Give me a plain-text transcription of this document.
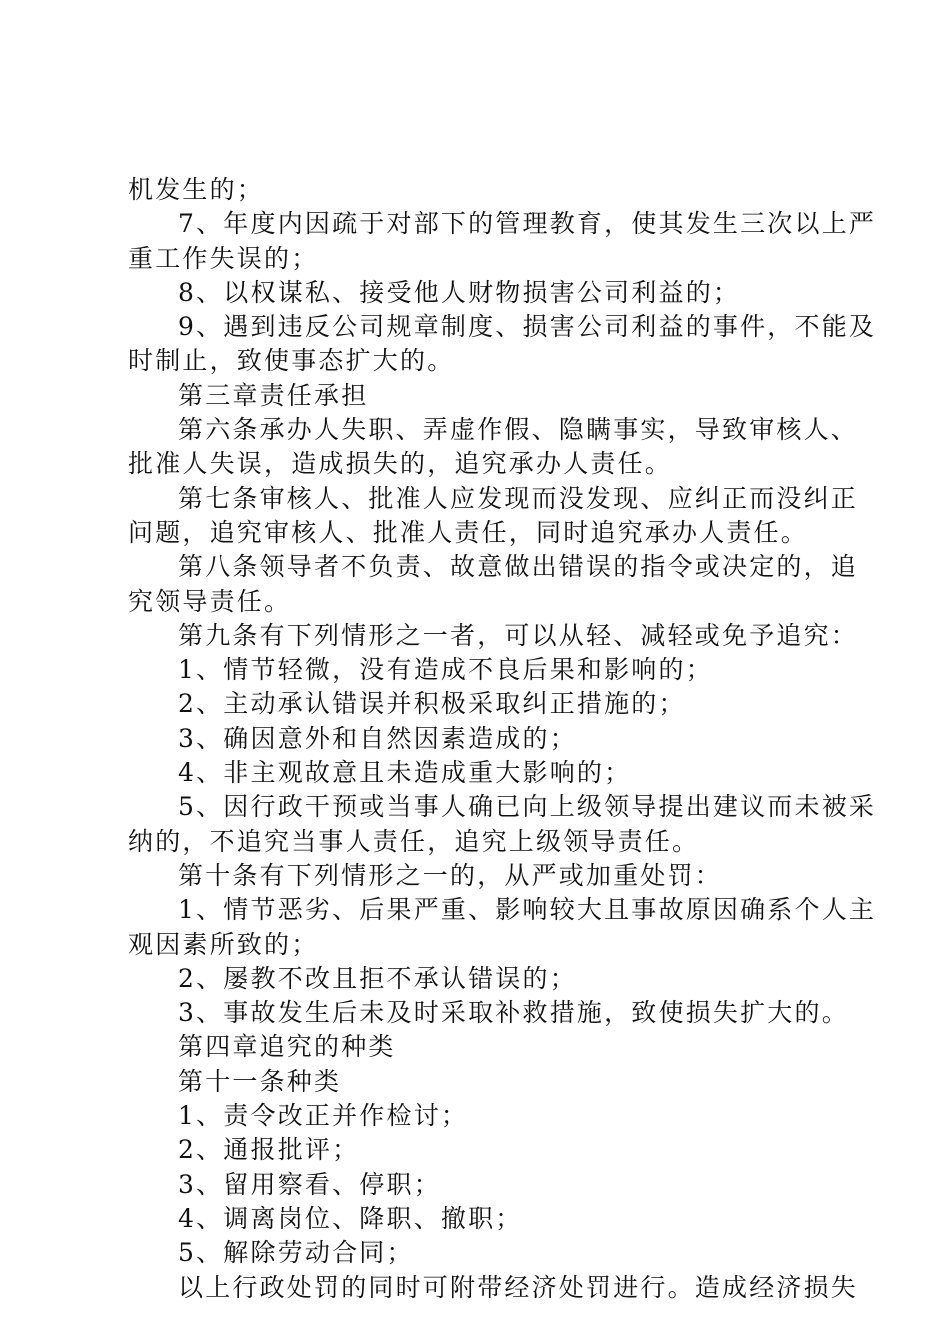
机发生的；
7、年度内因疏于对部下的管理教育，使其发生三次以上严
重工作失误的；
8、以权谋私、接受他人财物损害公司利益的；
9、遇到违反公司规章制度、损害公司利益的事件，不能及
时制止，致使事态扩大的。
第三章责任承担
第六条承办人失职、弄虚作假、隐瞒事实，导致审核人、
批准人失误，造成损失的，追究承办人责任。
第七条审核人、批准人应发现而没发现、应纠正而没纠正
问题，追究审核人、批准人责任，同时追究承办人责任。
第八条领导者不负责、故意做出错误的指令或决定的，追
究领导责任。
第九条有下列情形之一者，可以从轻、减轻或免予追究：
1、情节轻微，没有造成不良后果和影响的；
2、主动承认错误并积极采取纠正措施的；
3、确因意外和自然因素造成的；
4、非主观故意且未造成重大影响的；
5、因行政干预或当事人确已向上级领导提出建议而未被采
纳的，不追究当事人责任，追究上级领导责任。
第十条有下列情形之一的，从严或加重处罚：
1、情节恶劣、后果严重、影响较大且事故原因确系个人主
观因素所致的；
2、屡教不改且拒不承认错误的；
3、事故发生后未及时采取补救措施，致使损失扩大的。
第四章追究的种类
第十一条种类
1、责令改正并作检讨；
2、通报批评；
3、留用察看、停职；
4、调离岗位、降职、撤职；
5、解除劳动合同；
以上行政处罚的同时可附带经济处罚进行。造成经济损失
